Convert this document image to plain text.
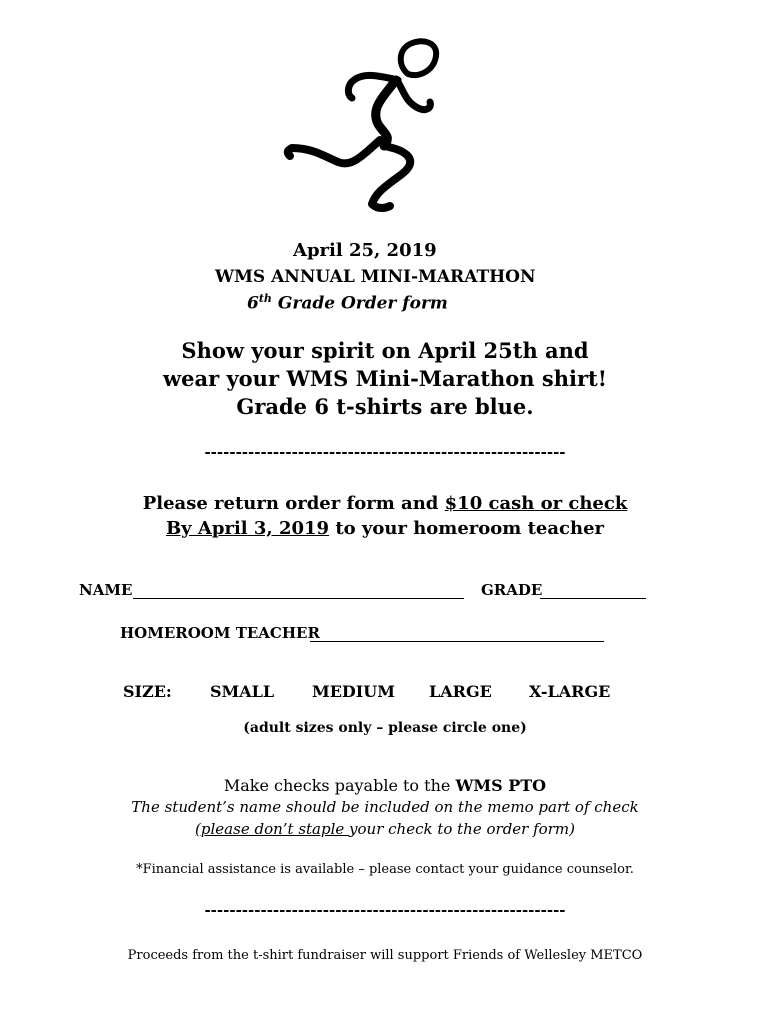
April 25, 2019
WMS ANNUAL MINI-MARATHON
6th Grade Order form
Show your spirit on April 25th and
wear your WMS Mini-Marathon shirt!
Grade 6 t-shirts are blue.
----------------------------------------------------------
Please return order form and $10 cash or check
By April 3, 2019 to your homeroom teacher
NAME	GRADE
HOMEROOM TEACHER
SIZE: SMALL MEDIUM LARGE X-LARGE
(adult sizes only – please circle one)
Make checks payable to the WMS PTO
The student’s name should be included on the memo part of check
(please don’t staple your check to the order form)
*Financial assistance is available – please contact your guidance counselor.
----------------------------------------------------------
Proceeds from the t-shirt fundraiser will support Friends of Wellesley METCO
